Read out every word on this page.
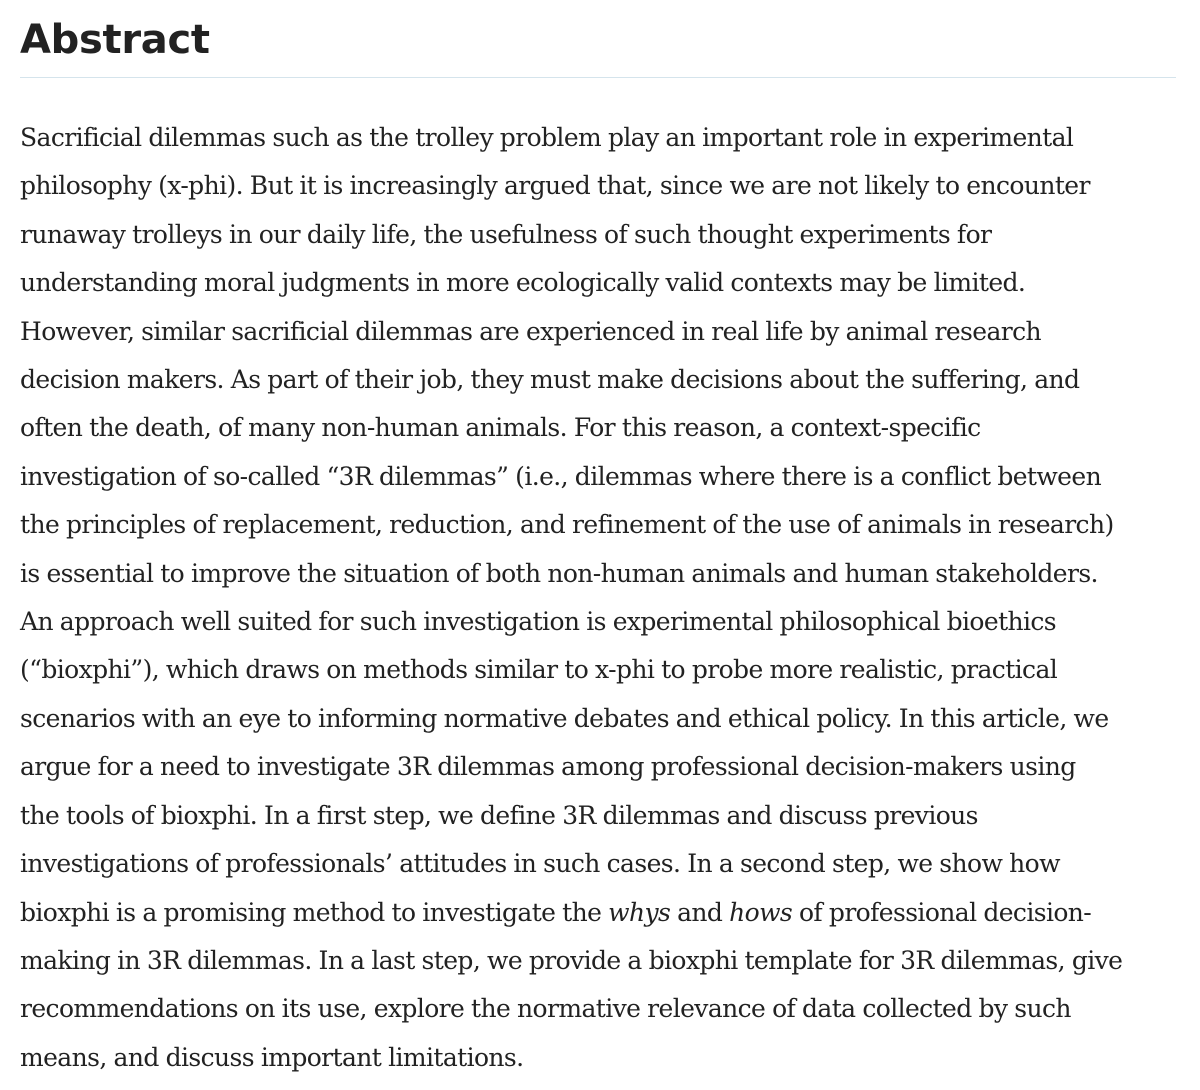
Abstract

Sacrificial dilemmas such as the trolley problem play an important role in experimental
philosophy (x-phi). But it is increasingly argued that, since we are not likely to encounter
runaway trolleys in our daily life, the usefulness of such thought experiments for
understanding moral judgments in more ecologically valid contexts may be limited.
However, similar sacrificial dilemmas are experienced in real life by animal research
decision makers. As part of their job, they must make decisions about the suffering, and
often the death, of many non-human animals. For this reason, a context-specific
investigation of so-called “3R dilemmas” (i.e., dilemmas where there is a conflict between
the principles of replacement, reduction, and refinement of the use of animals in research)
is essential to improve the situation of both non-human animals and human stakeholders.
An approach well suited for such investigation is experimental philosophical bioethics
(“bioxphi”), which draws on methods similar to x-phi to probe more realistic, practical
scenarios with an eye to informing normative debates and ethical policy. In this article, we
argue for a need to investigate 3R dilemmas among professional decision-makers using
the tools of bioxphi. In a first step, we define 3R dilemmas and discuss previous
investigations of professionals’ attitudes in such cases. In a second step, we show how
bioxphi is a promising method to investigate the whys and hows of professional decision-
making in 3R dilemmas. In a last step, we provide a bioxphi template for 3R dilemmas, give
recommendations on its use, explore the normative relevance of data collected by such
means, and discuss important limitations.
